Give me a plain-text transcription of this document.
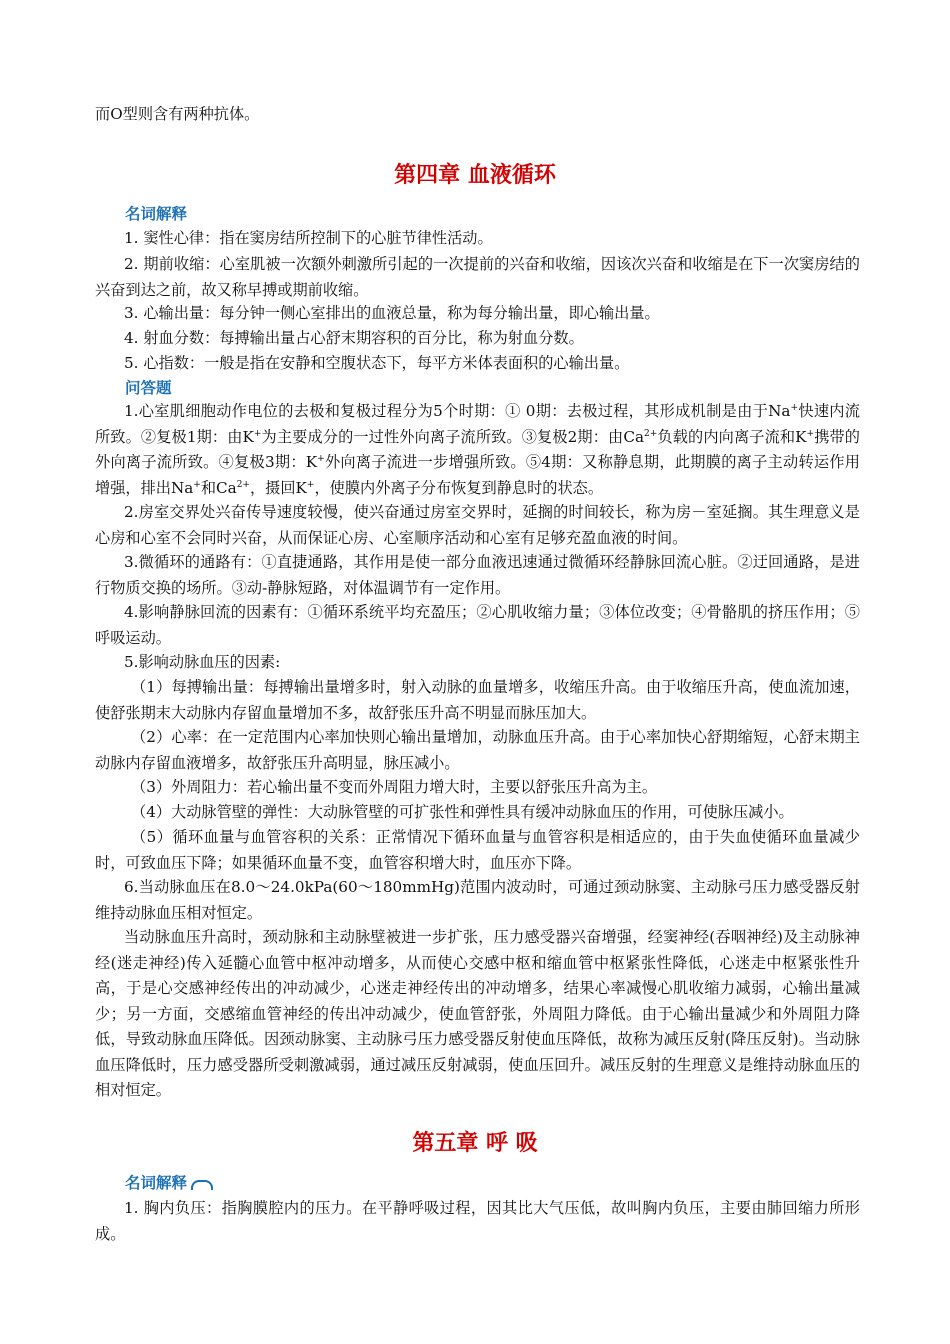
而O型则含有两种抗体。
第四章 血液循环
名词解释
1. 窦性心律：指在窦房结所控制下的心脏节律性活动。
2. 期前收缩：心室肌被一次额外刺激所引起的一次提前的兴奋和收缩，因该次兴奋和收缩是在下一次窦房结的兴奋到达之前，故又称早搏或期前收缩。
3. 心输出量：每分钟一侧心室排出的血液总量，称为每分输出量，即心输出量。
4. 射血分数：每搏输出量占心舒末期容积的百分比，称为射血分数。
5. 心指数：一般是指在安静和空腹状态下，每平方米体表面积的心输出量。
问答题
1.心室肌细胞动作电位的去极和复极过程分为5个时期：① 0期：去极过程，其形成机制是由于Na+快速内流所致。②复极1期：由K+为主要成分的一过性外向离子流所致。③复极2期：由$Ca^{2+}$负载的内向离子流和K+携带的外向离子流所致。④复极3期：K+外向离子流进一步增强所致。⑤4期：又称静息期，此期膜的离子主动转运作用增强，排出Na+和$Ca^{2+}$，摄回K+，使膜内外离子分布恢复到静息时的状态。
2.房室交界处兴奋传导速度较慢，使兴奋通过房室交界时，延搁的时间较长，称为房－室延搁。其生理意义是心房和心室不会同时兴奋，从而保证心房、心室顺序活动和心室有足够充盈血液的时间。
3.微循环的通路有：①直捷通路，其作用是使一部分血液迅速通过微循环经静脉回流心脏。②迂回通路，是进行物质交换的场所。③动-静脉短路，对体温调节有一定作用。
4.影响静脉回流的因素有：①循环系统平均充盈压；②心肌收缩力量；③体位改变；④骨骼肌的挤压作用；⑤呼吸运动。
5.影响动脉血压的因素:
（1）每搏输出量：每搏输出量增多时，射入动脉的血量增多，收缩压升高。由于收缩压升高，使血流加速，使舒张期末大动脉内存留血量增加不多，故舒张压升高不明显而脉压加大。
（2）心率：在一定范围内心率加快则心输出量增加，动脉血压升高。由于心率加快心舒期缩短，心舒末期主动脉内存留血液增多，故舒张压升高明显，脉压减小。
（3）外周阻力：若心输出量不变而外周阻力增大时，主要以舒张压升高为主。
（4）大动脉管壁的弹性：大动脉管壁的可扩张性和弹性具有缓冲动脉血压的作用，可使脉压减小。
（5）循环血量与血管容积的关系：正常情况下循环血量与血管容积是相适应的，由于失血使循环血量减少时，可致血压下降；如果循环血量不变，血管容积增大时，血压亦下降。
6.当动脉血压在8.0～24.0kPa(60～180mmHg)范围内波动时，可通过颈动脉窦、主动脉弓压力感受器反射维持动脉血压相对恒定。
当动脉血压升高时，颈动脉和主动脉壁被进一步扩张，压力感受器兴奋增强，经窦神经(吞咽神经)及主动脉神经(迷走神经)传入延髓心血管中枢冲动增多，从而使心交感中枢和缩血管中枢紧张性降低，心迷走中枢紧张性升高，于是心交感神经传出的冲动减少，心迷走神经传出的冲动增多，结果心率减慢心肌收缩力减弱，心输出量减少；另一方面，交感缩血管神经的传出冲动减少，使血管舒张，外周阻力降低。由于心输出量减少和外周阻力降低，导致动脉血压降低。因颈动脉窦、主动脉弓压力感受器反射使血压降低，故称为减压反射(降压反射)。当动脉血压降低时，压力感受器所受刺激减弱，通过减压反射减弱，使血压回升。减压反射的生理意义是维持动脉血压的相对恒定。
第五章 呼 吸
名词解释
1. 胸内负压：指胸膜腔内的压力。在平静呼吸过程，因其比大气压低，故叫胸内负压，主要由肺回缩力所形成。
